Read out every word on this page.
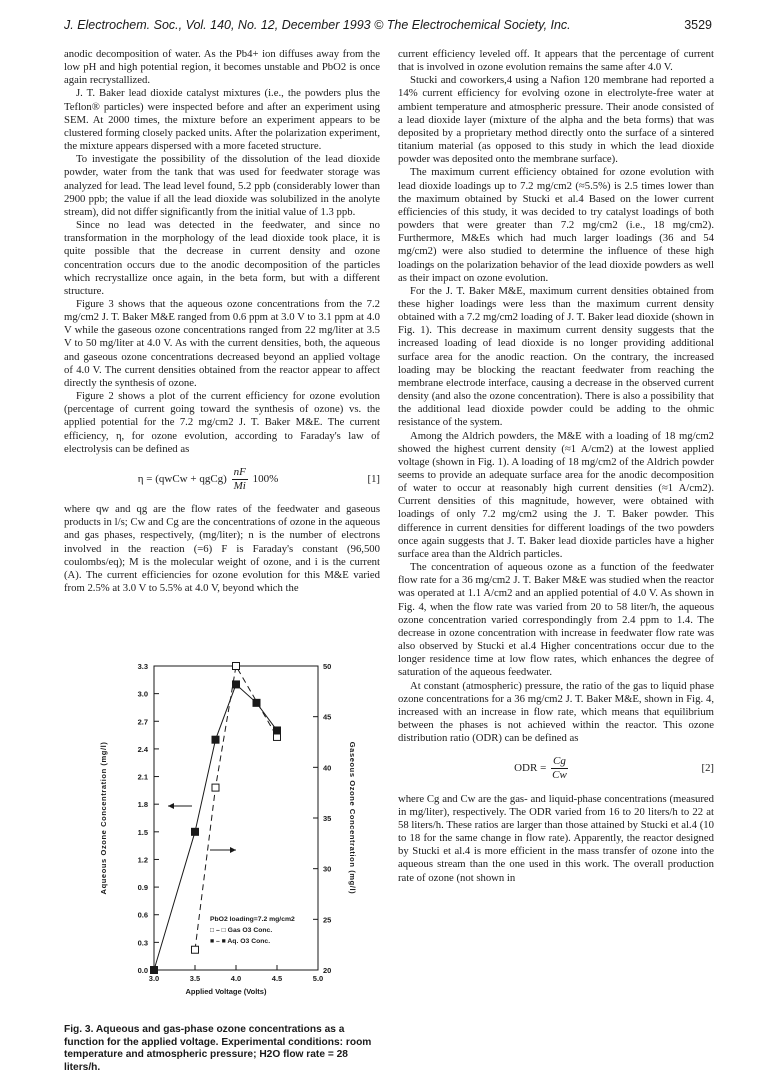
J. Electrochem. Soc., Vol. 140, No. 12, December 1993 © The Electrochemical Society, Inc.	3529

anodic decomposition of water. As the Pb4+ ion diffuses away from the low pH and high potential region, it becomes unstable and PbO2 is once again recrystallized.

J. T. Baker lead dioxide catalyst mixtures (i.e., the powders plus the Teflon® particles) were inspected before and after an experiment using SEM. At 2000 times, the mixture before an experiment appears to be clustered forming closely packed units. After the polarization experiment, the mixture appears dispersed with a more faceted structure.

To investigate the possibility of the dissolution of the lead dioxide powder, water from the tank that was used for feedwater storage was analyzed for lead. The lead level found, 5.2 ppb (considerably lower than 2900 ppb; the value if all the lead dioxide was solubilized in the anolyte stream), did not differ significantly from the initial value of 1.3 ppb.

Since no lead was detected in the feedwater, and since no transformation in the morphology of the lead dioxide took place, it is quite possible that the decrease in current density and ozone concentration occurs due to the anodic decomposition of the particles which recrystallize once again, in the beta form, but with a different structure.

Figure 3 shows that the aqueous ozone concentrations from the 7.2 mg/cm2 J. T. Baker M&E ranged from 0.6 ppm at 3.0 V to 3.1 ppm at 4.0 V while the gaseous ozone concentrations ranged from 22 mg/liter at 3.5 V to 50 mg/liter at 4.0 V. As with the current densities, both, the aqueous and gaseous ozone concentrations decreased beyond an applied voltage of 4.0 V. The current densities obtained from the reactor appear to affect directly the synthesis of ozone.

Figure 2 shows a plot of the current efficiency for ozone evolution (percentage of current going toward the synthesis of ozone) vs. the applied potential for the 7.2 mg/cm2 J. T. Baker M&E. The current efficiency, η, for ozone evolution, according to Faraday's law of electrolysis can be defined as

η = (qwCw + qgCg) $\frac{nF}{Mi} 100\%$	[1]

where qw and qg are the flow rates of the feedwater and gaseous products in l/s; Cw and Cg are the concentrations of ozone in the aqueous and gas phases, respectively, (mg/liter); n is the number of electrons involved in the reaction (=6) F is Faraday's constant (96,500 coulombs/eq); M is the molecular weight of ozone, and i is the current (A). The current efficiencies for ozone evolution for this M&E varied from 2.5% at 3.0 V to 5.5% at 4.0 V, beyond which the

current efficiency leveled off. It appears that the percentage of current that is involved in ozone evolution remains the same after 4.0 V.

Stucki and coworkers,4 using a Nafion 120 membrane had reported a 14% current efficiency for evolving ozone in electrolyte-free water at ambient temperature and atmospheric pressure. Their anode consisted of a lead dioxide layer (mixture of the alpha and the beta forms) that was deposited by a proprietary method directly onto the surface of a sintered titanium material (as opposed to this study in which the lead dioxide powder was deposited onto the membrane surface).

The maximum current efficiency obtained for ozone evolution with lead dioxide loadings up to 7.2 mg/cm2 (≈5.5%) is 2.5 times lower than the maximum obtained by Stucki et al.4 Based on the lower current efficiencies of this study, it was decided to try catalyst loadings of both powders that were greater than 7.2 mg/cm2 (i.e., 18 mg/cm2). Furthermore, M&Es which had much larger loadings (36 and 54 mg/cm2) were also studied to determine the influence of these high loadings on the polarization behavior of the lead dioxide powders as well as their impact on ozone evolution.

For the J. T. Baker M&E, maximum current densities obtained from these higher loadings were less than the maximum current density obtained with a 7.2 mg/cm2 loading of J. T. Baker lead dioxide (shown in Fig. 1). This decrease in maximum current density suggests that the increased loading of lead dioxide is no longer providing additional surface area for the anodic reaction. On the contrary, the increased loading may be blocking the reactant feedwater from reaching the membrane electrode interface, causing a decrease in the observed current density (and also the ozone concentration). There is also a possibility that the additional lead dioxide powder could be adding to the ohmic resistance of the system.

Among the Aldrich powders, the M&E with a loading of 18 mg/cm2 showed the highest current density (≈1 A/cm2) at the lowest applied voltage (shown in Fig. 1). A loading of 18 mg/cm2 of the Aldrich powder seems to provide an adequate surface area for the anodic decomposition of water to occur at reasonably high current densities (≈1 A/cm2). Current densities of this magnitude, however, were obtained with loadings of only 7.2 mg/cm2 using the J. T. Baker powder. This difference in current densities for different loadings of the two powders once again suggests that J. T. Baker lead dioxide particles have a higher surface area than the Aldrich particles.

The concentration of aqueous ozone as a function of the feedwater flow rate for a 36 mg/cm2 J. T. Baker M&E was studied when the reactor was operated at 1.1 A/cm2 and an applied potential of 4.0 V. As shown in Fig. 4, when the flow rate was varied from 20 to 58 liter/h, the aqueous ozone concentration varied correspondingly from 2.4 ppm to 1.4. The decrease in ozone concentration with increase in feedwater flow rate was also observed by Stucki et al.4 Higher concentrations occur due to the longer residence time at low flow rates, which enhances the degree of saturation of the aqueous feedwater.

At constant (atmospheric) pressure, the ratio of the gas to liquid phase ozone concentrations for a 36 mg/cm2 J. T. Baker M&E, shown in Fig. 4, increased with an increase in flow rate, which means that equilibrium between the phases is not achieved within the reactor. This ozone distribution ratio (ODR) can be defined as

ODR = $\frac{Cg}{Cw}$	[2]

where Cg and Cw are the gas- and liquid-phase concentrations (measured in mg/liter), respectively. The ODR varied from 16 to 20 liters/h to 22 at 58 liters/h. These ratios are larger than those attained by Stucki et al.4 (10 to 18 for the same change in flow rate). Apparently, the reactor designed by Stucki et al.4 is more efficient in the mass transfer of ozone into the aqueous stream than the one used in this work. The overall production rate of ozone (not shown in

3.0	3.5	4.0	4.5	5.0
0.0
0.3
0.6
0.9
1.2
1.5
1.8
2.1
2.4
2.7
3.0
3.3
20
25
30
35
40
45
50
Applied Voltage (Volts)
Aqueous Ozone Concentration (mg/l)	Gaseous Ozone Concentration (mg/l)
PbO2 loading=7.2 mg/cm2
□ – □ Gas O3 Conc.
■ – ■ Aq. O3 Conc.
Fig. 3. Aqueous and gas-phase ozone concentrations as a function for the applied voltage. Experimental conditions: room temperature and atmospheric pressure; H2O flow rate = 28 liters/h.
